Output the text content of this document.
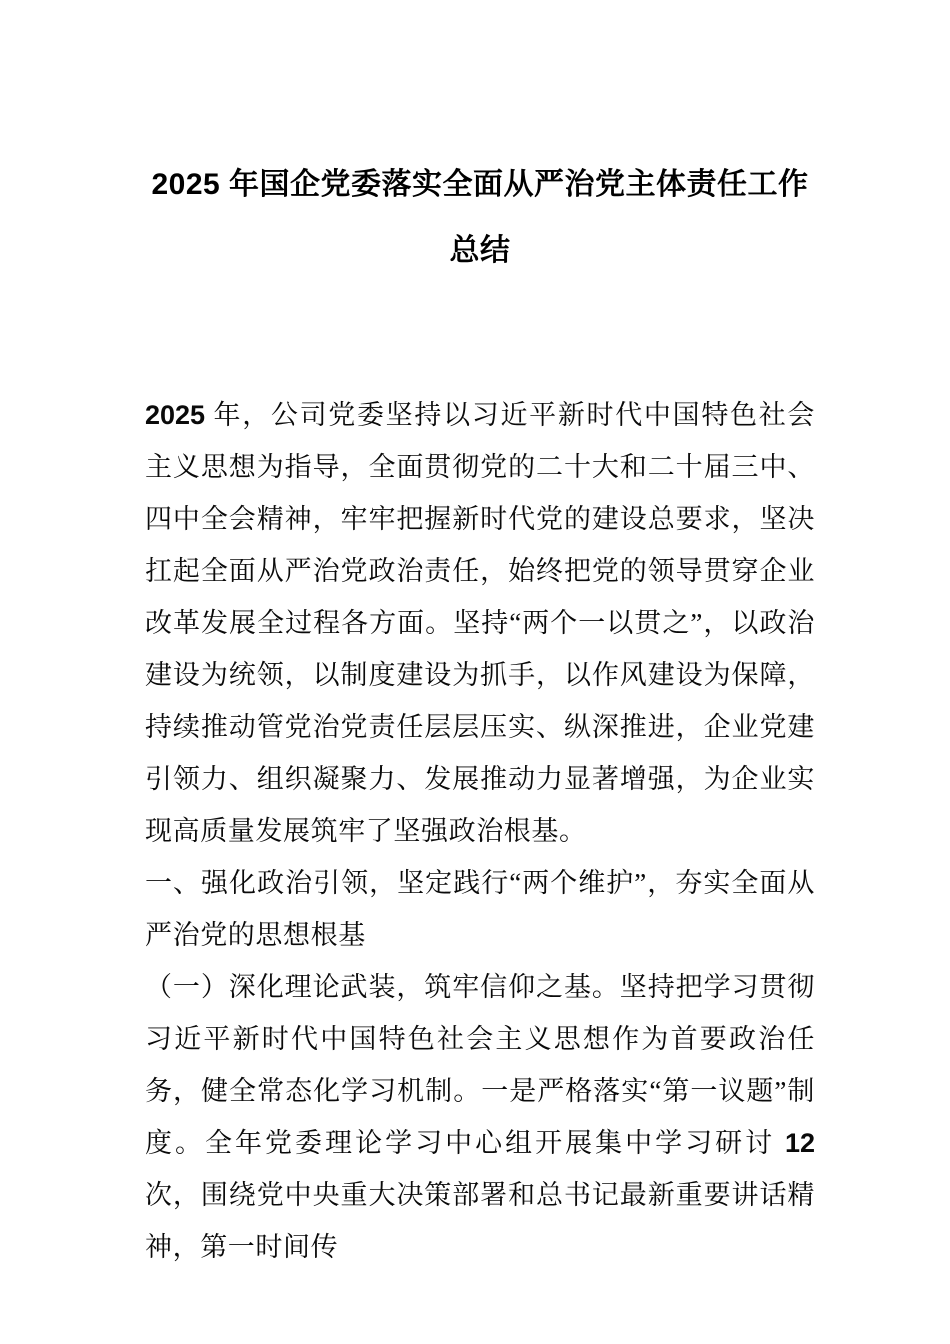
2025 年国企党委落实全面从严治党主体责任工作总结

2025 年，公司党委坚持以习近平新时代中国特色社会主义思想为指导，全面贯彻党的二十大和二十届三中、四中全会精神，牢牢把握新时代党的建设总要求，坚决扛起全面从严治党政治责任，始终把党的领导贯穿企业改革发展全过程各方面。坚持“两个一以贯之”，以政治建设为统领，以制度建设为抓手，以作风建设为保障，持续推动管党治党责任层层压实、纵深推进，企业党建引领力、组织凝聚力、发展推动力显著增强，为企业实现高质量发展筑牢了坚强政治根基。

一、强化政治引领，坚定践行“两个维护”，夯实全面从严治党的思想根基

（一）深化理论武装，筑牢信仰之基。坚持把学习贯彻习近平新时代中国特色社会主义思想作为首要政治任务，健全常态化学习机制。一是严格落实“第一议题”制度。全年党委理论学习中心组开展集中学习研讨 12 次，围绕党中央重大决策部署和总书记最新重要讲话精神，第一时间传
